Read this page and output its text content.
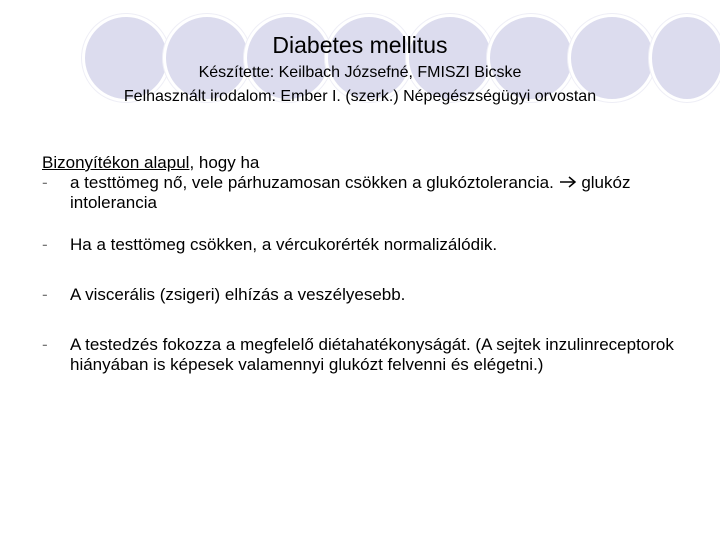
Diabetes mellitus
Készítette: Keilbach Józsefné, FMISZI Bicske
Felhasznált irodalom: Ember I. (szerk.) Népegészségügyi orvostan
Bizonyítékon alapul, hogy ha
-	a testtömeg nő, vele párhuzamosan csökken a glukóztolerancia. glukóz intolerancia
-	Ha a testtömeg csökken, a vércukorérték normalizálódik.
-	A viscerális (zsigeri) elhízás a veszélyesebb.
-	A testedzés fokozza a megfelelő diétahatékonyságát. (A sejtek inzulinreceptorok hiányában is képesek valamennyi glukózt felvenni és elégetni.)
